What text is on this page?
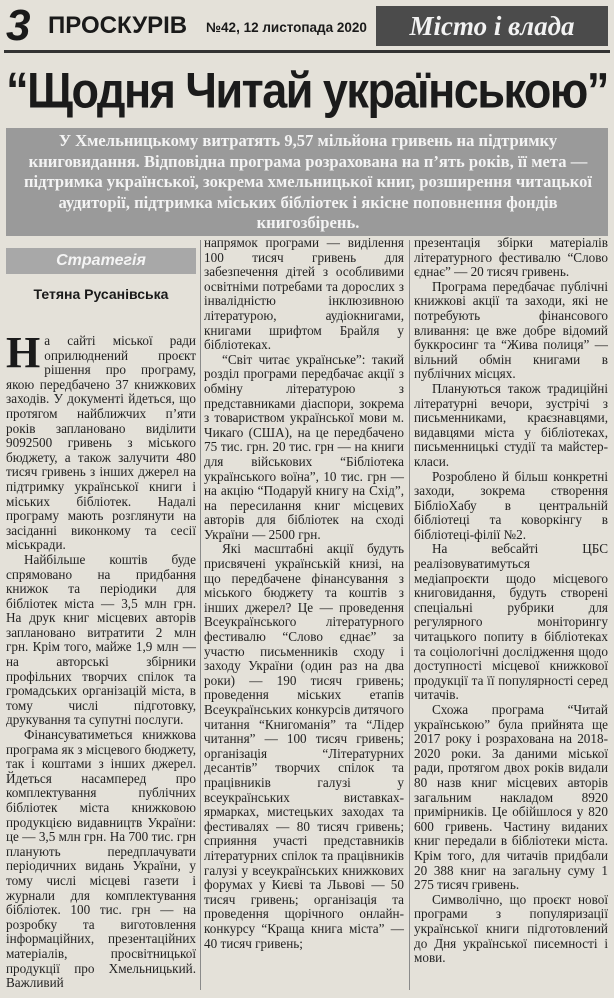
3 ПРОСКУРІВ №42, 12 листопада 2020	Місто і влада
“Щодня Читай українською”
У Хмельницькому витратять 9,57 мільйона гривень на підтримку книговидання. Відповідна програма розрахована на п’ять років, її мета — підтримка української, зокрема хмельницької книг, розширення читацької аудиторії, підтримка міських бібліотек і якісне поповнення фондів книгозбірень.
Стратегія
Тетяна Русанівська

На сайті міської ради оприлюднений проєкт рішення про програму, якою передбачено 37 книжкових заходів. У документі йдеться, що протягом найближчих п’яти років заплановано виділити 9092500 гривень з міського бюджету, а також залучити 480 тисяч гривень з інших джерел на підтримку української книги і міських бібліотек. Надалі програму мають розглянути на засіданні виконкому та сесії міськради.

Найбільше коштів буде спрямовано на придбання книжок та періодики для бібліотек міста — 3,5 млн грн. На друк книг місцевих авторів заплановано витратити 2 млн грн. Крім того, майже 1,9 млн — на авторські збірники профільних творчих спілок та громадських організацій міста, в тому числі підготовку, друкування та супутні послуги.

Фінансуватиметься книжкова програма як з місцевого бюджету, так і коштами з інших джерел. Йдеться насамперед про комплектування публічних бібліотек міста книжковою продукцією видавництв України: це — 3,5 млн грн. На 700 тис. грн планують передплачувати періодичних видань України, у тому числі місцеві газети і журнали для комплектування бібліотек. 100 тис. грн — на розробку та виготовлення інформаційних, презентаційних матеріалів, просвітницької продукції про Хмельницький. Важливий

напрямок програми — виділення 100 тисяч гривень для забезпечення дітей з особливими освітніми потребами та дорослих з інвалідністю інклюзивною літературою, аудіокнигами, книгами шрифтом Брайля у бібліотеках.

“Світ читає українське”: такий розділ програми передбачає акції з обміну літературою з представниками діаспори, зокрема з товариством української мови м. Чикаго (США), на це передбачено 75 тис. грн. 20 тис. грн — на книги для військових “Бібліотека українського воїна”, 10 тис. грн — на акцію “Подаруй книгу на Схід”, на пересилання книг місцевих авторів для бібліотек на сході України — 2500 грн.

Які масштабні акції будуть присвячені українській книзі, на що передбачене фінансування з міського бюджету та коштів з інших джерел? Це — проведення Всеукраїнського літературного фестивалю “Слово єднає” за участю письменників сходу і заходу України (один раз на два роки) — 190 тисяч гривень; проведення міських етапів Всеукраїнських конкурсів дитячого читання “Книгоманія” та “Лідер читання” — 100 тисяч гривень; організація “Літературних десантів” творчих спілок та працівників галузі у всеукраїнських виставках-ярмарках, мистецьких заходах та фестивалях — 80 тисяч гривень; сприяння участі представників літературних спілок та працівників галузі у всеукраїнських книжкових форумах у Києві та Львові — 50 тисяч гривень; організація та проведення щорічного онлайн-конкурсу “Краща книга міста” — 40 тисяч гривень;

презентація збірки матеріалів літературного фестивалю “Слово єднає” — 20 тисяч гривень.

Програма передбачає публічні книжкові акції та заходи, які не потребують фінансового вливання: це вже добре відомий буккросинг та “Жива полиця” — вільний обмін книгами в публічних місцях.

Плануються також традиційні літературні вечори, зустрічі з письменниками, краєзнавцями, видавцями міста у бібліотеках, письменницькі студії та майстер-класи.

Розроблено й більш конкретні заходи, зокрема створення БібліоХабу в центральній бібліотеці та коворкінгу в бібліотеці-філії №2.

На вебсайті ЦБС реалізовуватимуться медіапроєкти щодо місцевого книговидання, будуть створені спеціальні рубрики для регулярного моніторингу читацького попиту в бібліотеках та соціологічні дослідження щодо доступності місцевої книжкової продукції та її популярності серед читачів.

Схожа програма “Читай українською” була прийнята ще 2017 року і розрахована на 2018-2020 роки. За даними міської ради, протягом двох років видали 80 назв книг місцевих авторів загальним накладом 8920 примірників. Це обійшлося у 820 600 гривень. Частину виданих книг передали в бібліотеки міста. Крім того, для читачів придбали 20 388 книг на загальну суму 1 275 тисяч гривень.

Символічно, що проєкт нової програми з популяризації української книги підготовлений до Дня української писемності і мови.
